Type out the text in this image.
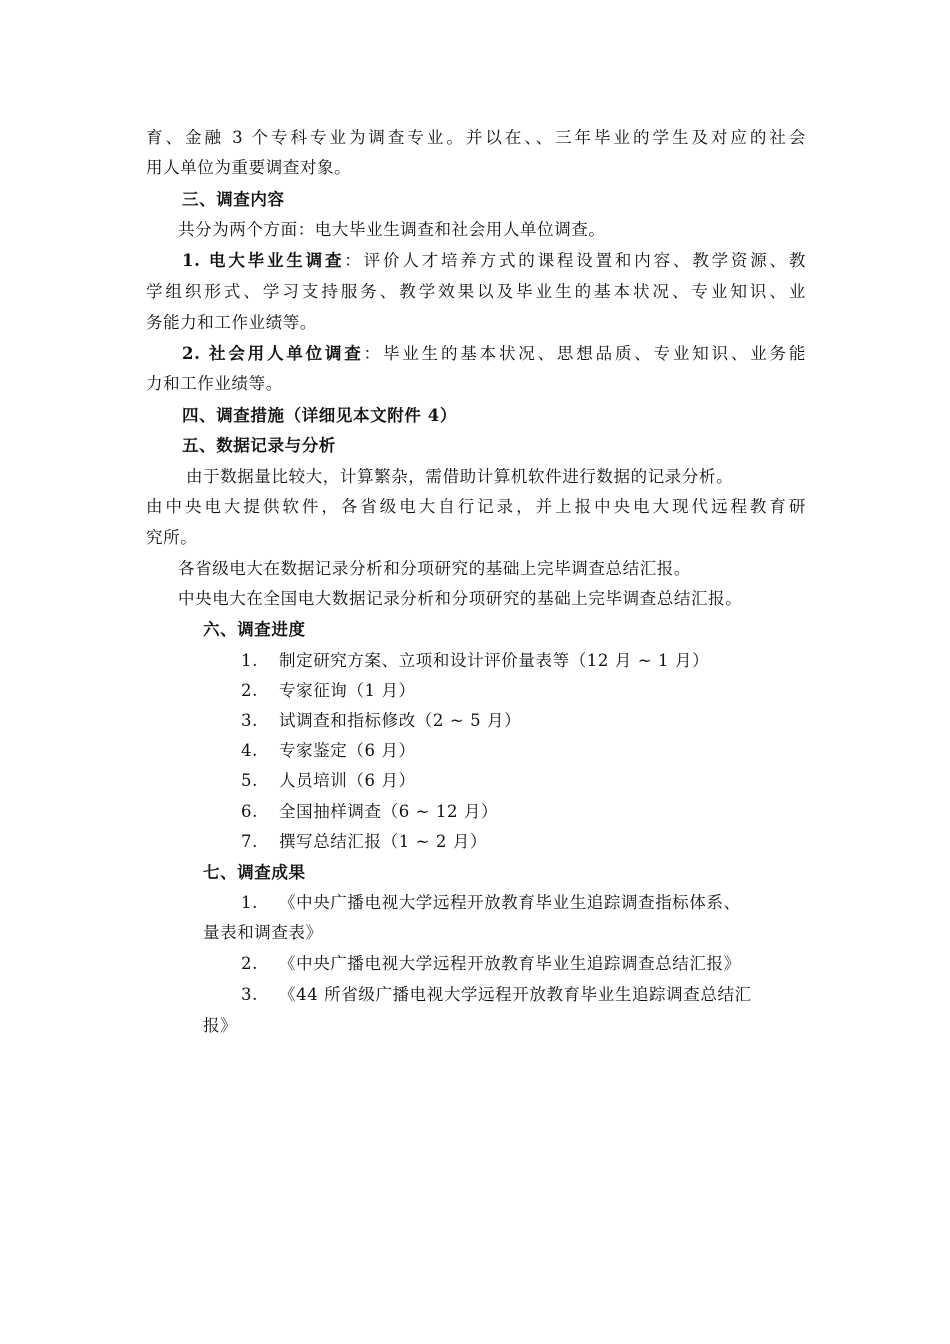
育、金融 3 个专科专业为调查专业。并以在、、三年毕业的学生及对应的社会
用人单位为重要调查对象。
三、调查内容
共分为两个方面：电大毕业生调查和社会用人单位调查。
1. 电大毕业生调查：评价人才培养方式的课程设置和内容、教学资源、教
学组织形式、学习支持服务、教学效果以及毕业生的基本状况、专业知识、业
务能力和工作业绩等。
2. 社会用人单位调查：毕业生的基本状况、思想品质、专业知识、业务能
力和工作业绩等。
四、调查措施（详细见本文附件 4）
五、数据记录与分析
由于数据量比较大，计算繁杂，需借助计算机软件进行数据的记录分析。
由中央电大提供软件，各省级电大自行记录，并上报中央电大现代远程教育研
究所。
各省级电大在数据记录分析和分项研究的基础上完毕调查总结汇报。
中央电大在全国电大数据记录分析和分项研究的基础上完毕调查总结汇报。
六、调查进度
1. 制定研究方案、立项和设计评价量表等（12 月 ~ 1 月）
2. 专家征询（1 月）
3. 试调查和指标修改（2 ~ 5 月）
4. 专家鉴定（6 月）
5. 人员培训（6 月）
6. 全国抽样调查（6 ~ 12 月）
7. 撰写总结汇报（1 ~ 2 月）
七、调查成果
1. 《中央广播电视大学远程开放教育毕业生追踪调查指标体系、
量表和调查表》
2. 《中央广播电视大学远程开放教育毕业生追踪调查总结汇报》
3. 《44 所省级广播电视大学远程开放教育毕业生追踪调查总结汇
报》
